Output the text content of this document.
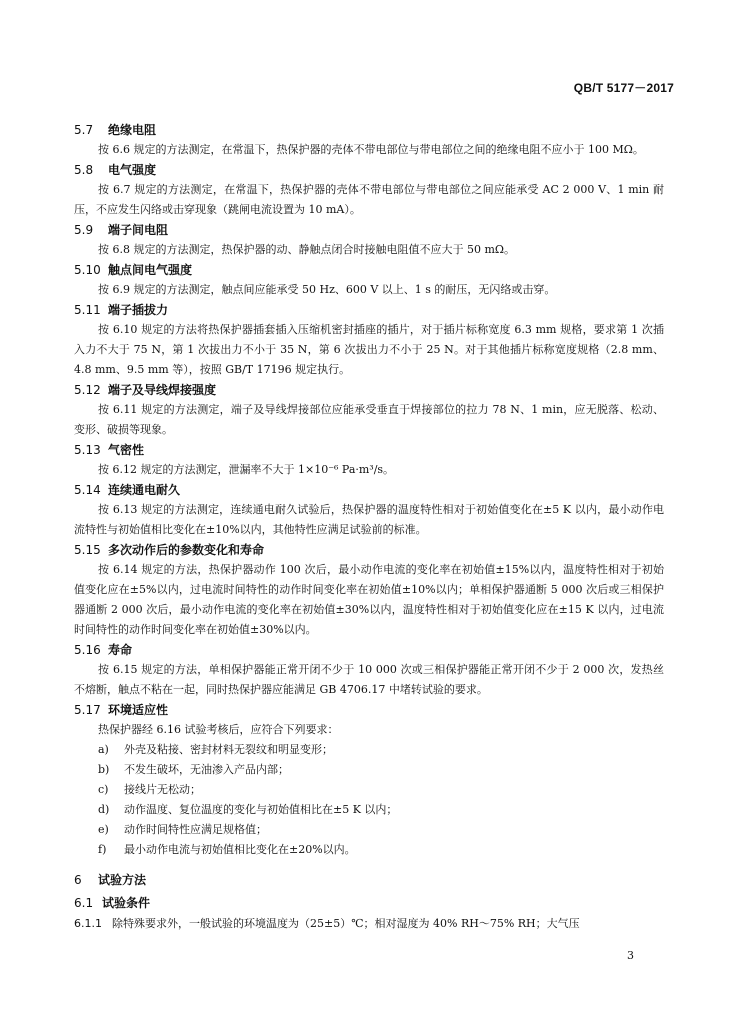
QB/T 5177－2017
5.7 绝缘电阻

按 6.6 规定的方法测定，在常温下，热保护器的壳体不带电部位与带电部位之间的绝缘电阻不应小于 100 MΩ。

5.8 电气强度

按 6.7 规定的方法测定，在常温下，热保护器的壳体不带电部位与带电部位之间应能承受 AC 2 000 V、1 min 耐压，不应发生闪络或击穿现象（跳闸电流设置为 10 mA）。

5.9 端子间电阻

按 6.8 规定的方法测定，热保护器的动、静触点闭合时接触电阻值不应大于 50 mΩ。

5.10 触点间电气强度

按 6.9 规定的方法测定，触点间应能承受 50 Hz、600 V 以上、1 s 的耐压，无闪络或击穿。

5.11 端子插拔力

按 6.10 规定的方法将热保护器插套插入压缩机密封插座的插片，对于插片标称宽度 6.3 mm 规格，要求第 1 次插入力不大于 75 N，第 1 次拔出力不小于 35 N，第 6 次拔出力不小于 25 N。对于其他插片标称宽度规格（2.8 mm、4.8 mm、9.5 mm 等），按照 GB/T 17196 规定执行。

5.12 端子及导线焊接强度

按 6.11 规定的方法测定，端子及导线焊接部位应能承受垂直于焊接部位的拉力 78 N、1 min，应无脱落、松动、变形、破损等现象。

5.13 气密性

按 6.12 规定的方法测定，泄漏率不大于 1×10⁻⁶ Pa·m³/s。

5.14 连续通电耐久

按 6.13 规定的方法测定，连续通电耐久试验后，热保护器的温度特性相对于初始值变化在±5 K 以内，最小动作电流特性与初始值相比变化在±10%以内，其他特性应满足试验前的标准。

5.15 多次动作后的参数变化和寿命

按 6.14 规定的方法，热保护器动作 100 次后，最小动作电流的变化率在初始值±15%以内，温度特性相对于初始值变化应在±5%以内，过电流时间特性的动作时间变化率在初始值±10%以内；单相保护器通断 5 000 次后或三相保护器通断 2 000 次后，最小动作电流的变化率在初始值±30%以内，温度特性相对于初始值变化应在±15 K 以内，过电流时间特性的动作时间变化率在初始值±30%以内。

5.16 寿命

按 6.15 规定的方法，单相保护器能正常开闭不少于 10 000 次或三相保护器能正常开闭不少于 2 000 次，发热丝不熔断，触点不粘在一起，同时热保护器应能满足 GB 4706.17 中堵转试验的要求。

5.17 环境适应性

热保护器经 6.16 试验考核后，应符合下列要求：

a) 外壳及粘接、密封材料无裂纹和明显变形；
b) 不发生破坏，无油渗入产品内部；
c) 接线片无松动；
d) 动作温度、复位温度的变化与初始值相比在±5 K 以内；
e) 动作时间特性应满足规格值；
f) 最小动作电流与初始值相比变化在±20%以内。
6 试验方法
6.1 试验条件
6.1.1 除特殊要求外，一般试验的环境温度为（25±5）℃；相对湿度为 40% RH～75% RH；大气压
3
